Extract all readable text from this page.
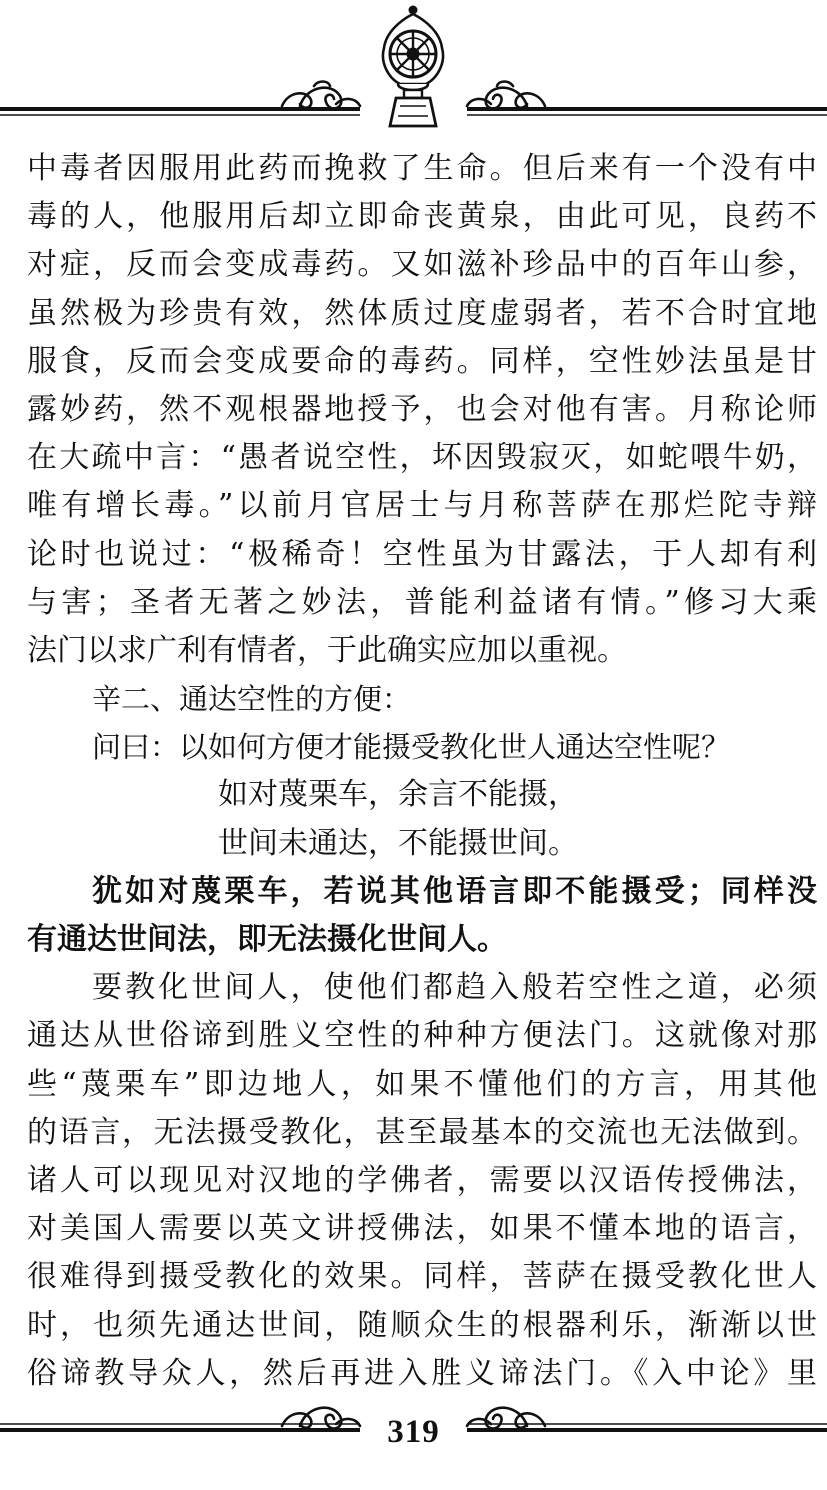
中毒者因服用此药而挽救了生命。但后来有一个没有中
毒的人，他服用后却立即命丧黄泉，由此可见，良药不
对症，反而会变成毒药。又如滋补珍品中的百年山参，
虽然极为珍贵有效，然体质过度虚弱者，若不合时宜地
服食，反而会变成要命的毒药。同样，空性妙法虽是甘
露妙药，然不观根器地授予，也会对他有害。月称论师
在大疏中言：“愚者说空性，坏因毁寂灭，如蛇喂牛奶，
唯有增长毒。”以前月官居士与月称菩萨在那烂陀寺辩
论时也说过：“极稀奇！空性虽为甘露法，于人却有利
与害；圣者无著之妙法，普能利益诸有情。”修习大乘
法门以求广利有情者，于此确实应加以重视。
辛二、通达空性的方便：
问曰：以如何方便才能摄受教化世人通达空性呢？
如对蔑栗车，余言不能摄，
世间未通达，不能摄世间。
犹如对蔑栗车，若说其他语言即不能摄受；同样没
有通达世间法，即无法摄化世间人。
要教化世间人，使他们都趋入般若空性之道，必须
通达从世俗谛到胜义空性的种种方便法门。这就像对那
些“蔑栗车”即边地人，如果不懂他们的方言，用其他
的语言，无法摄受教化，甚至最基本的交流也无法做到。
诸人可以现见对汉地的学佛者，需要以汉语传授佛法，
对美国人需要以英文讲授佛法，如果不懂本地的语言，
很难得到摄受教化的效果。同样，菩萨在摄受教化世人
时，也须先通达世间，随顺众生的根器利乐，渐渐以世
俗谛教导众人，然后再进入胜义谛法门。《入中论》里
319
